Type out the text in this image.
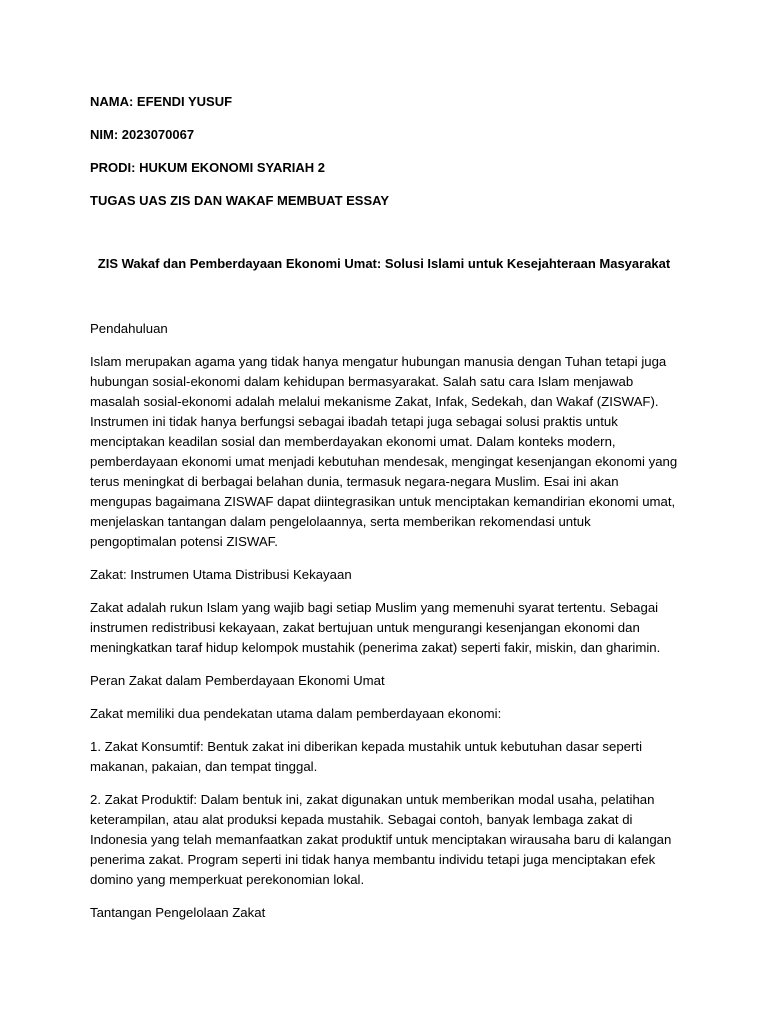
NAMA: EFENDI YUSUF
NIM: 2023070067
PRODI: HUKUM EKONOMI SYARIAH 2
TUGAS UAS ZIS DAN WAKAF MEMBUAT ESSAY
ZIS Wakaf dan Pemberdayaan Ekonomi Umat: Solusi Islami untuk Kesejahteraan Masyarakat
Pendahuluan
Islam merupakan agama yang tidak hanya mengatur hubungan manusia dengan Tuhan tetapi juga hubungan sosial-ekonomi dalam kehidupan bermasyarakat. Salah satu cara Islam menjawab masalah sosial-ekonomi adalah melalui mekanisme Zakat, Infak, Sedekah, dan Wakaf (ZISWAF). Instrumen ini tidak hanya berfungsi sebagai ibadah tetapi juga sebagai solusi praktis untuk menciptakan keadilan sosial dan memberdayakan ekonomi umat. Dalam konteks modern, pemberdayaan ekonomi umat menjadi kebutuhan mendesak, mengingat kesenjangan ekonomi yang terus meningkat di berbagai belahan dunia, termasuk negara-negara Muslim. Esai ini akan mengupas bagaimana ZISWAF dapat diintegrasikan untuk menciptakan kemandirian ekonomi umat, menjelaskan tantangan dalam pengelolaannya, serta memberikan rekomendasi untuk pengoptimalan potensi ZISWAF.
Zakat: Instrumen Utama Distribusi Kekayaan
Zakat adalah rukun Islam yang wajib bagi setiap Muslim yang memenuhi syarat tertentu. Sebagai instrumen redistribusi kekayaan, zakat bertujuan untuk mengurangi kesenjangan ekonomi dan meningkatkan taraf hidup kelompok mustahik (penerima zakat) seperti fakir, miskin, dan gharimin.
Peran Zakat dalam Pemberdayaan Ekonomi Umat
Zakat memiliki dua pendekatan utama dalam pemberdayaan ekonomi:
1. Zakat Konsumtif: Bentuk zakat ini diberikan kepada mustahik untuk kebutuhan dasar seperti makanan, pakaian, dan tempat tinggal.
2. Zakat Produktif: Dalam bentuk ini, zakat digunakan untuk memberikan modal usaha, pelatihan keterampilan, atau alat produksi kepada mustahik. Sebagai contoh, banyak lembaga zakat di Indonesia yang telah memanfaatkan zakat produktif untuk menciptakan wirausaha baru di kalangan penerima zakat. Program seperti ini tidak hanya membantu individu tetapi juga menciptakan efek domino yang memperkuat perekonomian lokal.
Tantangan Pengelolaan Zakat
